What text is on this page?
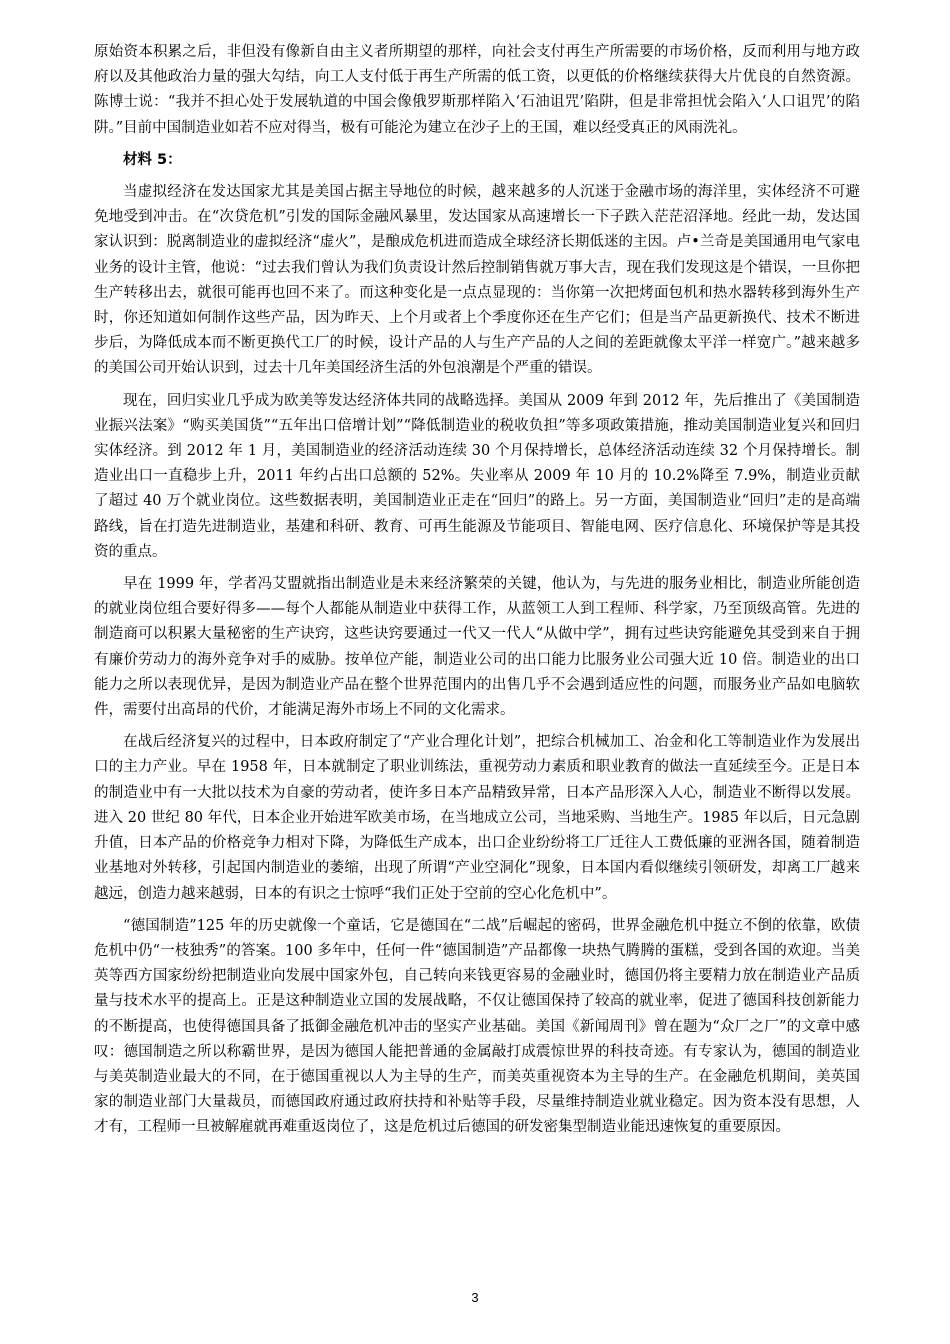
原始资本积累之后，非但没有像新自由主义者所期望的那样，向社会支付再生产所需要的市场价格，反而利用与地方政府以及其他政治力量的强大勾结，向工人支付低于再生产所需的低工资，以更低的价格继续获得大片优良的自然资源。陈博士说：“我并不担心处于发展轨道的中国会像俄罗斯那样陷入‘石油诅咒’陷阱，但是非常担忧会陷入‘人口诅咒’的陷阱。”目前中国制造业如若不应对得当，极有可能沦为建立在沙子上的王国，难以经受真正的风雨洗礼。

材料 5：

当虚拟经济在发达国家尤其是美国占据主导地位的时候，越来越多的人沉迷于金融市场的海洋里，实体经济不可避免地受到冲击。在“次贷危机”引发的国际金融风暴里，发达国家从高速增长一下子跌入茫茫沼泽地。经此一劫，发达国家认识到：脱离制造业的虚拟经济“虚火”，是酿成危机进而造成全球经济长期低迷的主因。卢•兰奇是美国通用电气家电业务的设计主管，他说：“过去我们曾认为我们负责设计然后控制销售就万事大吉，现在我们发现这是个错误，一旦你把生产转移出去，就很可能再也回不来了。而这种变化是一点点显现的：当你第一次把烤面包机和热水器转移到海外生产时，你还知道如何制作这些产品，因为昨天、上个月或者上个季度你还在生产它们；但是当产品更新换代、技术不断进步后，为降低成本而不断更换代工厂的时候，设计产品的人与生产产品的人之间的差距就像太平洋一样宽广。”越来越多的美国公司开始认识到，过去十几年美国经济生活的外包浪潮是个严重的错误。

现在，回归实业几乎成为欧美等发达经济体共同的战略选择。美国从 2009 年到 2012 年，先后推出了《美国制造业振兴法案》“购买美国货”“五年出口倍增计划”“降低制造业的税收负担”等多项政策措施，推动美国制造业复兴和回归实体经济。到 2012 年 1 月，美国制造业的经济活动连续 30 个月保持增长，总体经济活动连续 32 个月保持增长。制造业出口一直稳步上升，2011 年约占出口总额的 52%。失业率从 2009 年 10 月的 10.2%降至 7.9%，制造业贡献了超过 40 万个就业岗位。这些数据表明，美国制造业正走在“回归”的路上。另一方面，美国制造业“回归”走的是高端路线，旨在打造先进制造业，基建和科研、教育、可再生能源及节能项目、智能电网、医疗信息化、环境保护等是其投资的重点。

早在 1999 年，学者冯艾盟就指出制造业是未来经济繁荣的关键，他认为，与先进的服务业相比，制造业所能创造的就业岗位组合要好得多——每个人都能从制造业中获得工作，从蓝领工人到工程师、科学家，乃至顶级高管。先进的制造商可以积累大量秘密的生产诀窍，这些诀窍要通过一代又一代人“从做中学”，拥有过些诀窍能避免其受到来自于拥有廉价劳动力的海外竞争对手的威胁。按单位产能，制造业公司的出口能力比服务业公司强大近 10 倍。制造业的出口能力之所以表现优异，是因为制造业产品在整个世界范围内的出售几乎不会遇到适应性的问题，而服务业产品如电脑软件，需要付出高昂的代价，才能满足海外市场上不同的文化需求。

在战后经济复兴的过程中，日本政府制定了“产业合理化计划”，把综合机械加工、冶金和化工等制造业作为发展出口的主力产业。早在 1958 年，日本就制定了职业训练法，重视劳动力素质和职业教育的做法一直延续至今。正是日本的制造业中有一大批以技术为自豪的劳动者，使许多日本产品精致异常，日本产品形深入人心，制造业不断得以发展。进入 20 世纪 80 年代，日本企业开始进军欧美市场，在当地成立公司，当地采购、当地生产。1985 年以后，日元急剧升值，日本产品的价格竞争力相对下降，为降低生产成本，出口企业纷纷将工厂迁往人工费低廉的亚洲各国，随着制造业基地对外转移，引起国内制造业的萎缩，出现了所谓“产业空洞化”现象，日本国内看似继续引领研发，却离工厂越来越远，创造力越来越弱，日本的有识之士惊呼“我们正处于空前的空心化危机中”。

“德国制造”125 年的历史就像一个童话，它是德国在“二战”后崛起的密码，世界金融危机中挺立不倒的依靠，欧债危机中仍“一枝独秀”的答案。100 多年中，任何一件“德国制造”产品都像一块热气腾腾的蛋糕，受到各国的欢迎。当美英等西方国家纷纷把制造业向发展中国家外包，自己转向来钱更容易的金融业时，德国仍将主要精力放在制造业产品质量与技术水平的提高上。正是这种制造业立国的发展战略，不仅让德国保持了较高的就业率，促进了德国科技创新能力的不断提高，也使得德国具备了抵御金融危机冲击的坚实产业基础。美国《新闻周刊》曾在题为“众厂之厂”的文章中感叹：德国制造之所以称霸世界，是因为德国人能把普通的金属敲打成震惊世界的科技奇迹。有专家认为，德国的制造业与美英制造业最大的不同，在于德国重视以人为主导的生产，而美英重视资本为主导的生产。在金融危机期间，美英国家的制造业部门大量裁员，而德国政府通过政府扶持和补贴等手段，尽量维持制造业就业稳定。因为资本没有思想，人才有，工程师一旦被解雇就再难重返岗位了，这是危机过后德国的研发密集型制造业能迅速恢复的重要原因。

3
